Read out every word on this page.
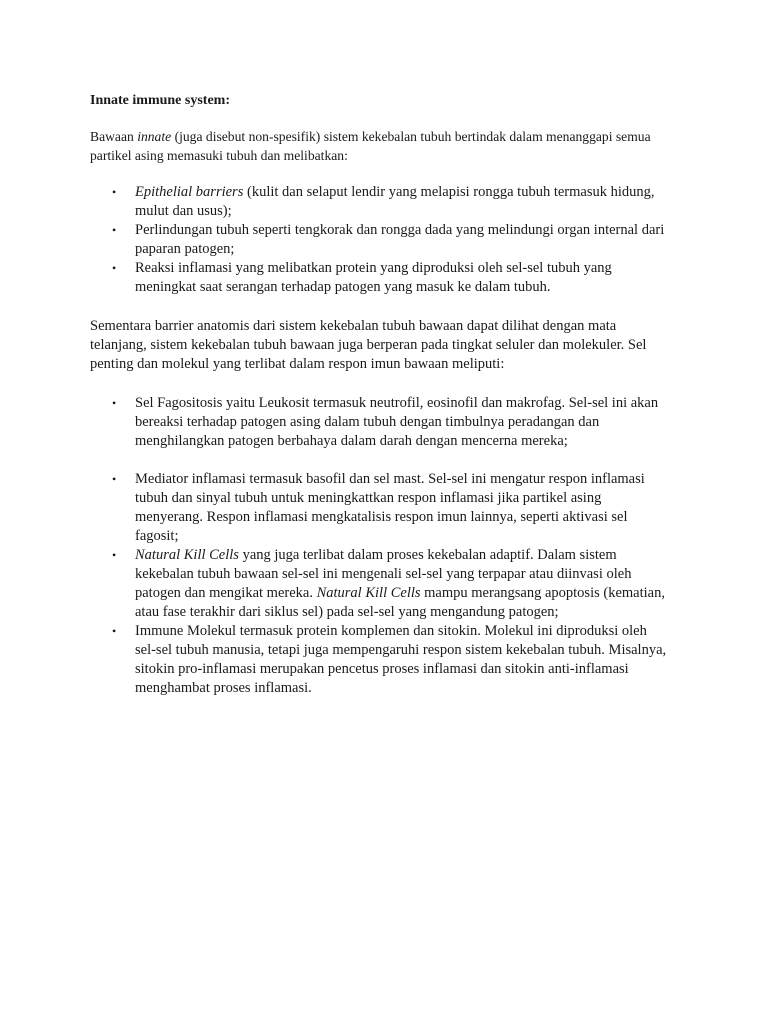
Innate immune system:

Bawaan innate (juga disebut non-spesifik) sistem kekebalan tubuh bertindak dalam menanggapi semua partikel asing memasuki tubuh dan melibatkan:

• Epithelial barriers (kulit dan selaput lendir yang melapisi rongga tubuh termasuk hidung, mulut dan usus);
• Perlindungan tubuh seperti tengkorak dan rongga dada yang melindungi organ internal dari paparan patogen;
• Reaksi inflamasi yang melibatkan protein yang diproduksi oleh sel-sel tubuh yang meningkat saat serangan terhadap patogen yang masuk ke dalam tubuh.

Sementara barrier anatomis dari sistem kekebalan tubuh bawaan dapat dilihat dengan mata telanjang, sistem kekebalan tubuh bawaan juga berperan pada tingkat seluler dan molekuler. Sel penting dan molekul yang terlibat dalam respon imun bawaan meliputi:

• Sel Fagositosis yaitu Leukosit termasuk neutrofil, eosinofil dan makrofag. Sel-sel ini akan bereaksi terhadap patogen asing dalam tubuh dengan timbulnya peradangan dan menghilangkan patogen berbahaya dalam darah dengan mencerna mereka;
• Mediator inflamasi termasuk basofil dan sel mast. Sel-sel ini mengatur respon inflamasi tubuh dan sinyal tubuh untuk meningkattkan respon inflamasi jika partikel asing menyerang. Respon inflamasi mengkatalisis respon imun lainnya, seperti aktivasi sel fagosit;
• Natural Kill Cells yang juga terlibat dalam proses kekebalan adaptif. Dalam sistem kekebalan tubuh bawaan sel-sel ini mengenali sel-sel yang terpapar atau diinvasi oleh patogen dan mengikat mereka. Natural Kill Cells mampu merangsang apoptosis (kematian, atau fase terakhir dari siklus sel) pada sel-sel yang mengandung patogen;
• Immune Molekul termasuk protein komplemen dan sitokin. Molekul ini diproduksi oleh sel-sel tubuh manusia, tetapi juga mempengaruhi respon sistem kekebalan tubuh. Misalnya, sitokin pro-inflamasi merupakan pencetus proses inflamasi dan sitokin anti-inflamasi menghambat proses inflamasi.
